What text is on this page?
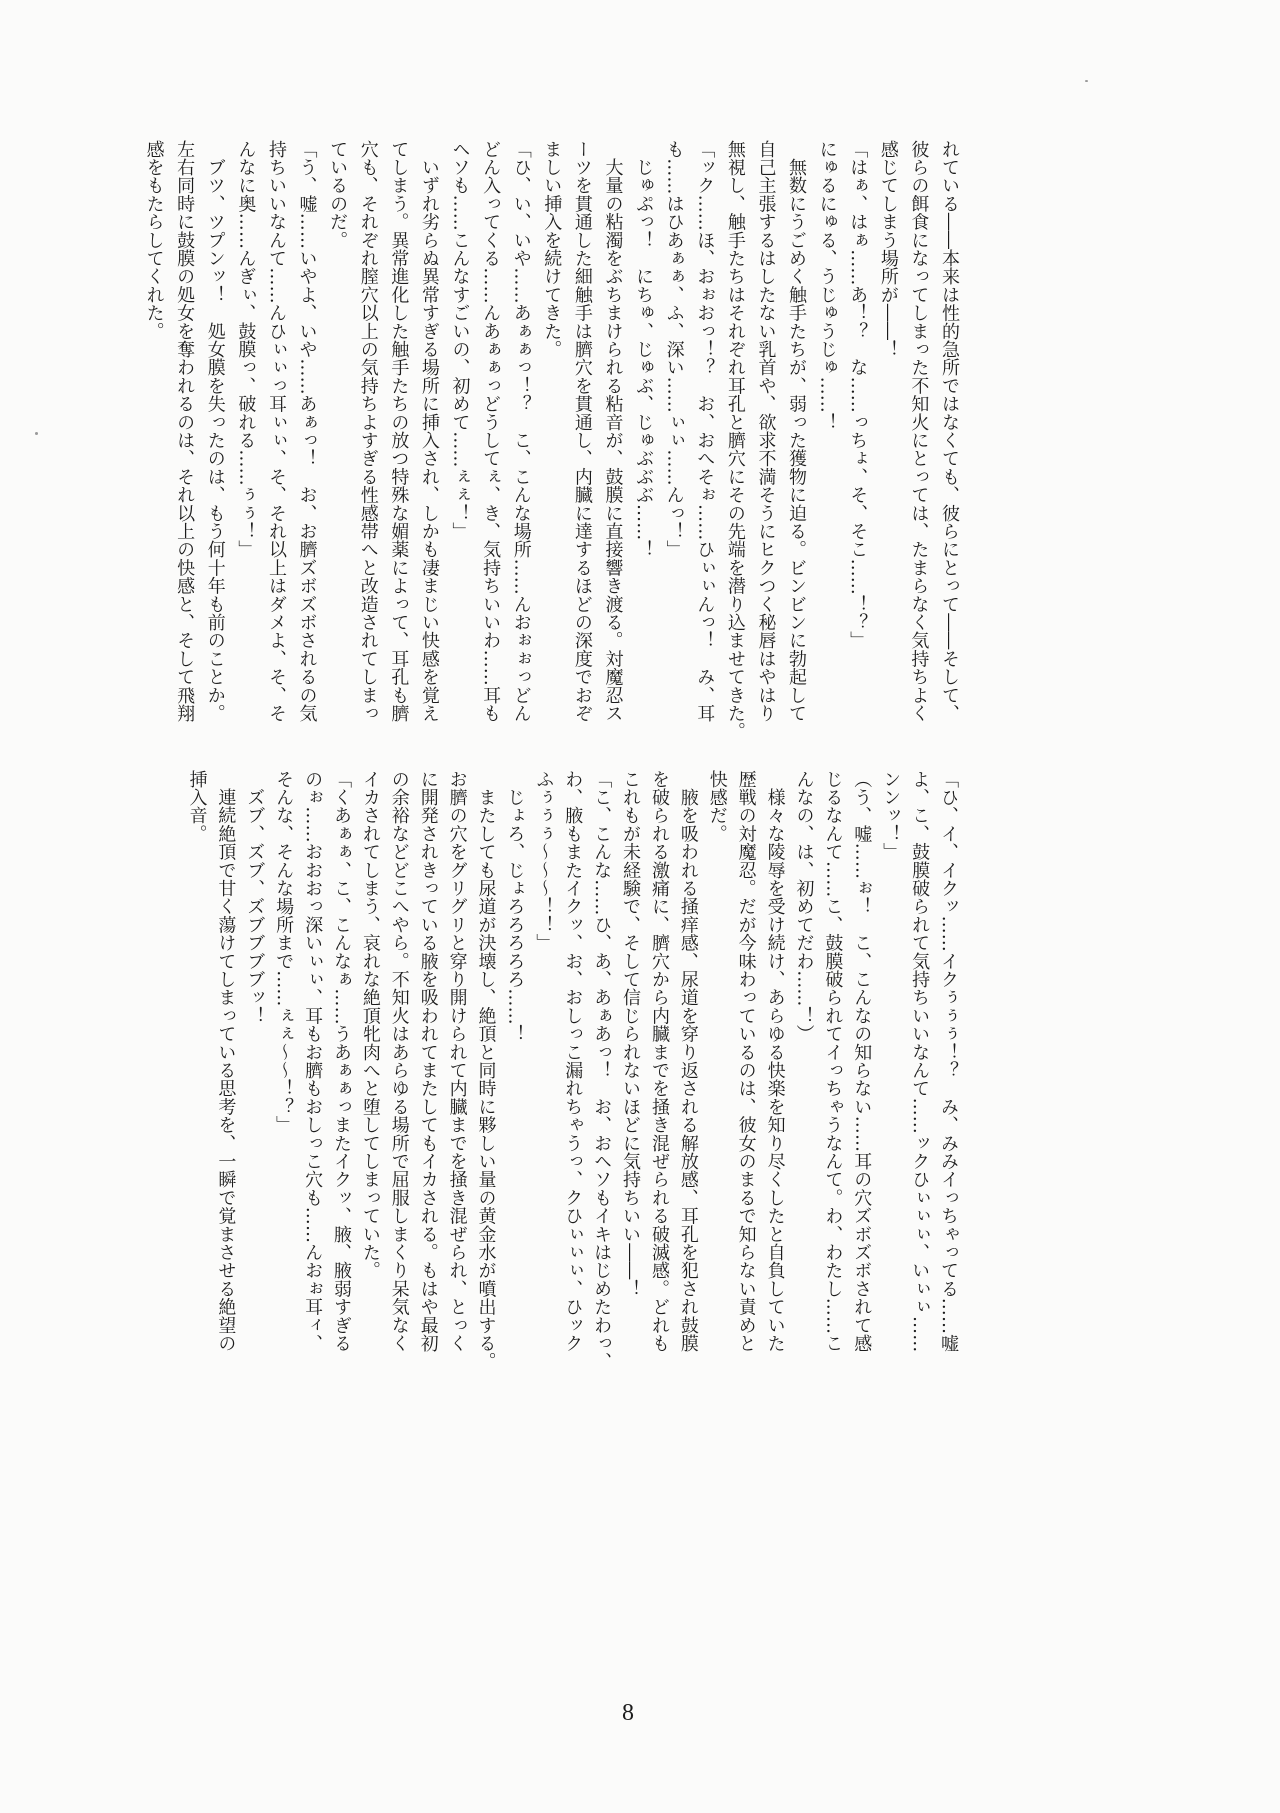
れている――本来は性的急所ではなくても、彼らにとって――そして、
彼らの餌食になってしまった不知火にとっては、たまらなく気持ちよく
感じてしまう場所が――！
「はぁ、はぁ……あ！？　な……っちょ、そ、そこ……！？」
にゅるにゅる、うじゅうじゅ……！
　無数にうごめく触手たちが、弱った獲物に迫る。ビンビンに勃起して
自己主張するはしたない乳首や、欲求不満そうにヒクつく秘唇はやはり
無視し、触手たちはそれぞれ耳孔と臍穴にその先端を潜り込ませてきた。
「ック……ほ、おぉおっ！？　お、おへそぉ……ひぃぃんっ！　み、耳
も……はひあぁぁ、ふ、深い……ぃぃ……んっ！」
　じゅぷっ！　にちゅ、じゅぶ、じゅぶぶぶ……！
　大量の粘濁をぶちまけられる粘音が、鼓膜に直接響き渡る。対魔忍ス
ーツを貫通した細触手は臍穴を貫通し、内臓に達するほどの深度でおぞ
ましい挿入を続けてきた。
「ひ、い、いや……あぁぁっ！？　こ、こんな場所……んおぉぉっどん
どん入ってくる……んあぁぁっどうしてぇ、き、気持ちいいわ……耳も
ヘソも……こんなすごいの、初めて……ぇぇ！」
　いずれ劣らぬ異常すぎる場所に挿入され、しかも凄まじい快感を覚え
てしまう。異常進化した触手たちの放つ特殊な媚薬によって、耳孔も臍
穴も、それぞれ膣穴以上の気持ちよすぎる性感帯へと改造されてしまっ
ているのだ。
「う、嘘……いやよ、いや……あぁっ！　お、お臍ズボズボされるの気
持ちいいなんて……んひぃぃっ耳ぃぃ、そ、それ以上はダメよ、そ、そ
んなに奥……んぎぃ、鼓膜っ、破れる……ぅぅ！」
　ブツ、ツプンッ！　処女膜を失ったのは、もう何十年も前のことか。
左右同時に鼓膜の処女を奪われるのは、それ以上の快感と、そして飛翔
感をもたらしてくれた。
「ひ、イ、イクッ……イクぅぅぅ！？　み、みみイっちゃってる……嘘
よ、こ、鼓膜破られて気持ちいいなんて……ックひぃぃぃ、いぃぃ……
ンンッ！」
（う、嘘……ぉ！　こ、こんなの知らない……耳の穴ズボズボされて感
じるなんて……こ、鼓膜破られてイっちゃうなんて。わ、わたし……こ
んなの、は、初めてだわ……！）
　様々な陵辱を受け続け、あらゆる快楽を知り尽くしたと自負していた
歴戦の対魔忍。だが今味わっているのは、彼女のまるで知らない責めと
快感だ。
　腋を吸われる掻痒感、尿道を穿り返される解放感、耳孔を犯され鼓膜
を破られる激痛に、臍穴から内臓までを掻き混ぜられる破滅感。どれも
これもが未経験で、そして信じられないほどに気持ちいい――！
「こ、こんな……ひ、あ、あぁあっ！　お、おヘソもイキはじめたわっ、
わ、腋もまたイクッ、お、おしっこ漏れちゃうっ、クひぃぃぃ、ひック
ふぅぅぅ～～～！！」
　じょろ、じょろろろろろ……！
　またしても尿道が決壊し、絶頂と同時に夥しい量の黄金水が噴出する。
お臍の穴をグリグリと穿り開けられて内臓までを掻き混ぜられ、とっく
に開発されきっている腋を吸われてまたしてもイカされる。もはや最初
の余裕などどこへやら。不知火はあらゆる場所で屈服しまくり呆気なく
イカされてしまう、哀れな絶頂牝肉へと堕してしまっていた。
「くあぁぁ、こ、こんなぁ……うあぁぁっまたイクッ、腋、腋弱すぎる
のぉ……おおおっ深いぃぃ、耳もお臍もおしっこ穴も……んおぉ耳ィ、
そんな、そんな場所まで……ぇぇ～～！？」
　ズブ、ズブ、ズブブブブッ！
　連続絶頂で甘く蕩けてしまっている思考を、一瞬で覚まさせる絶望の
挿入音。
8
